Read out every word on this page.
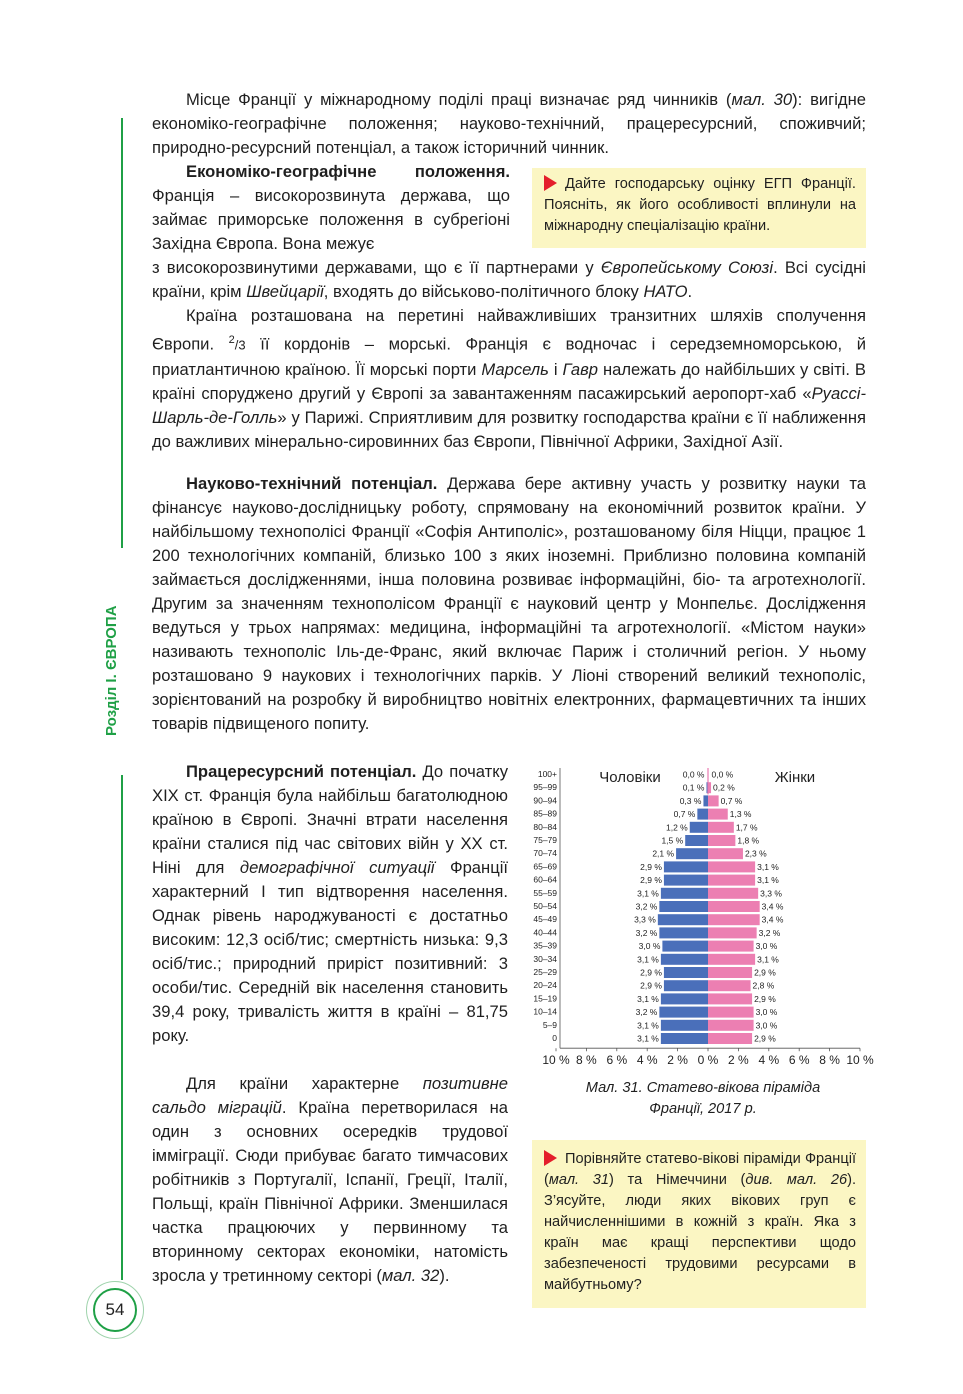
Розділ I. ЄВРОПА
54
Місце Франції у міжнародному поділі праці визначає ряд чинників (мал. 30): вигідне економіко-географічне положення; науково-технічний, працересурсний, споживчий; природно-ресурсний потенціал, а також історичний чинник.
Економіко-географічне положення. Франція – високорозвинута держава, що займає приморське положення в субрегіоні Західна Європа. Вона межує
Дайте господарську оцінку ЕГП Франції. Поясніть, як його особливості вплинули на міжнародну спеціалізацію країни.
з високорозвинутими державами, що є її партнерами у Європейському Союзі. Всі сусідні країни, крім Швейцарії, входять до військово-політичного блоку НАТО.
Країна розташована на перетині найважливіших транзитних шляхів сполучення Європи. $^2$/3 її кордонів – морські. Франція є водночас і середземноморською, й приатлантичною країною. Її морські порти Марсель і Гавр належать до найбільших у світі. В країні споруджено другий у Європі за завантаженням пасажирський аеропорт-хаб «Руассі-Шарль-де-Голль» у Парижі. Сприятливим для розвитку господарства країни є її наближення до важливих мінерально-сировинних баз Європи, Північної Африки, Західної Азії.
Науково-технічний потенціал. Держава бере активну участь у розвитку науки та фінансує науково-дослідницьку роботу, спрямовану на економічний розвиток країни. У найбільшому технополісі Франції «Софія Антиполіс», розташованому біля Ніцци, працює 1 200 технологічних компаній, близько 100 з яких іноземні. Приблизно половина компаній займається дослідженнями, інша половина розвиває інформаційні, біо- та агротехнології. Другим за значенням технополісом Франції є науковий центр у Монпельє. Дослідження ведуться у трьох напрямах: медицина, інформаційні та агротехнології. «Містом науки» називають технополіс Іль-де-Франс, який включає Париж і столичний регіон. У ньому розташовано 9 наукових і технологічних парків. У Ліоні створений великий технополіс, зорієнтований на розробку й виробництво новітніх електронних, фармацевтичних та інших товарів підвищеного попиту.
Працересурсний потенціал. До початку XIX ст. Франція була найбільш багатолюдною країною в Європі. Значні втрати населення країни сталися під час світових війн у XX ст. Ніні для демографічної ситуації Франції характерний I тип відтворення населення. Однак рівень народжуваності є достатньо високим: 12,3 осіб/тис; смертність низька: 9,3 осіб/тис.; природний приріст позитивний: 3 особи/тис. Середній вік населення становить 39,4 року, тривалість життя в країні – 81,75 року.
Для країни характерне позитивне сальдо міграцій. Країна перетворилася на один з основних осередків трудової імміграції. Сюди прибуває багато тимчасових робітників з Португалії, Іспанії, Греції, Італії, Польщі, країн Північної Африки. Зменшилася частка працюючих у первинному та вторинному секторах економіки, натомість зросла у третинному секторі (мал. 32).
Чоловіки	Жінки
100+	0,0 % 0,0 %
95–99	0,1 % 0,2 %
90–94	0,3 % 0,7 %
85–89	0,7 %	1,3 %
80–84	1,2 %	1,7 %
75–79	1,5 %	1,8 %
70–74	2,1 %	2,3 %
65–69	2,9 %	3,1 %
60–64	2,9 %	3,1 %
55–59	3,1 %	3,3 %
50–54	3,2 %	3,4 %
45–49	3,3 %	3,4 %
40–44	3,2 %	3,2 %
35–39	3,0 %	3,0 %
30–34	3,1 %	3,1 %
25–29	2,9 %	2,9 %
20–24	2,9 %	2,8 %
15–19	3,1 %	2,9 %
10–14	3,2 %	3,0 %
5–9	3,1 %	3,0 %
0	3,1 %	2,9 %
10 % 8 % 6 % 4 % 2 % 0 % 2 % 4 % 6 % 8 % 10 %
Мал. 31. Статево-вікова піраміда
Франції, 2017 р.
Порівняйте статево-вікові піраміди Франції (мал. 31) та Німеччини (див. мал. 26). З’ясуйте, люди яких вікових груп є найчисленнішими в кожній з країн. Яка з країн має кращі перспективи щодо забезпеченості трудовими ресурсами в майбутньому?
